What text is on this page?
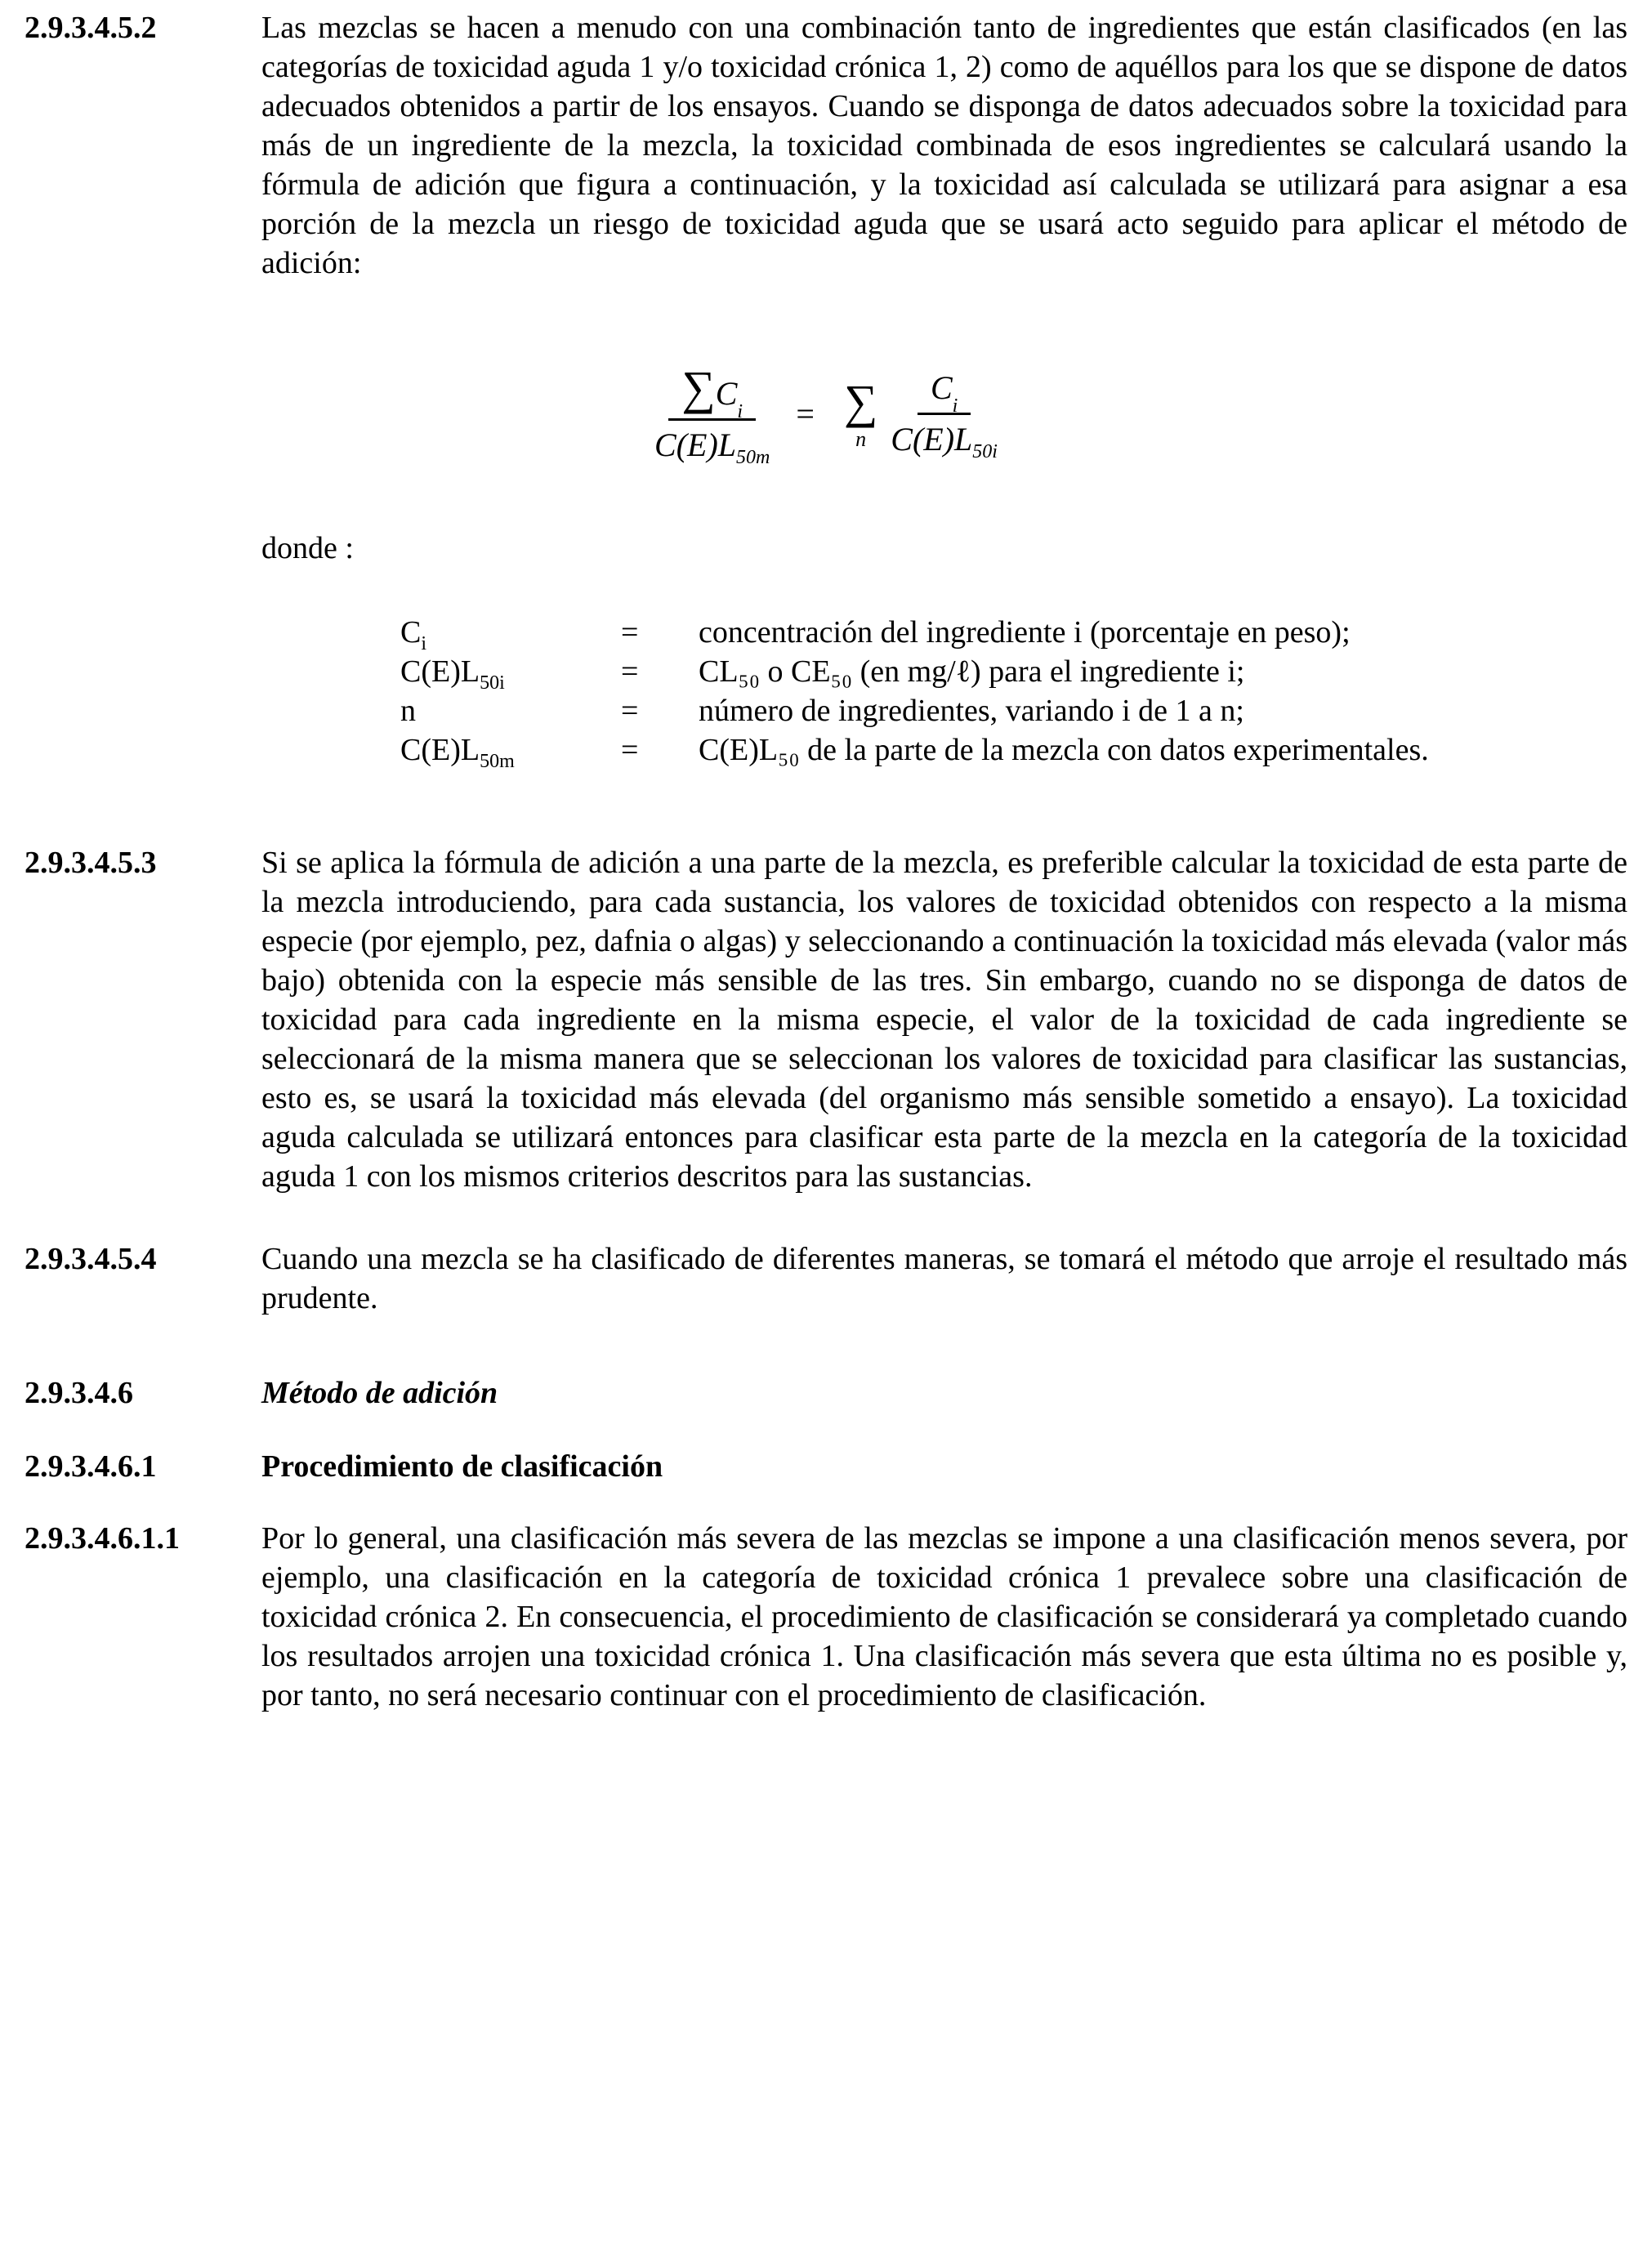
2.9.3.4.5.2	Las mezclas se hacen a menudo con una combinación tanto de ingredientes que están clasificados (en las categorías de toxicidad aguda 1 y/o toxicidad crónica 1, 2) como de aquéllos para los que se dispone de datos adecuados obtenidos a partir de los ensayos. Cuando se disponga de datos adecuados sobre la toxicidad para más de un ingrediente de la mezcla, la toxicidad combinada de esos ingredientes se calculará usando la fórmula de adición que figura a continuación, y la toxicidad así calculada se utilizará para asignar a esa porción de la mezcla un riesgo de toxicidad aguda que se usará acto seguido para aplicar el método de adición:
$\frac{\text{∑ C i}}{C(E)L_{50m}}$ = ∑
n $\frac{\text{C i}}{C(E)L_{50i}}$
donde :
$C_i$	=	concentración del ingrediente i (porcentaje en peso);
$C(E)L_{50i}$	=	CL₅₀ o CE₅₀ (en mg/ℓ) para el ingrediente i;
n	=	número de ingredientes, variando i de 1 a n;
$C(E)L_{50m}$	=	C(E)L₅₀ de la parte de la mezcla con datos experimentales.
2.9.3.4.5.3	Si se aplica la fórmula de adición a una parte de la mezcla, es preferible calcular la toxicidad de esta parte de la mezcla introduciendo, para cada sustancia, los valores de toxicidad obtenidos con respecto a la misma especie (por ejemplo, pez, dafnia o algas) y seleccionando a continuación la toxicidad más elevada (valor más bajo) obtenida con la especie más sensible de las tres. Sin embargo, cuando no se disponga de datos de toxicidad para cada ingrediente en la misma especie, el valor de la toxicidad de cada ingrediente se seleccionará de la misma manera que se seleccionan los valores de toxicidad para clasificar las sustancias, esto es, se usará la toxicidad más elevada (del organismo más sensible sometido a ensayo). La toxicidad aguda calculada se utilizará entonces para clasificar esta parte de la mezcla en la categoría de la toxicidad aguda 1 con los mismos criterios descritos para las sustancias.
2.9.3.4.5.4	Cuando una mezcla se ha clasificado de diferentes maneras, se tomará el método que arroje el resultado más prudente.
2.9.3.4.6	Método de adición
2.9.3.4.6.1	Procedimiento de clasificación
2.9.3.4.6.1.1	Por lo general, una clasificación más severa de las mezclas se impone a una clasificación menos severa, por ejemplo, una clasificación en la categoría de toxicidad crónica 1 prevalece sobre una clasificación de toxicidad crónica 2. En consecuencia, el procedimiento de clasificación se considerará ya completado cuando los resultados arrojen una toxicidad crónica 1. Una clasificación más severa que esta última no es posible y, por tanto, no será necesario continuar con el procedimiento de clasificación.
